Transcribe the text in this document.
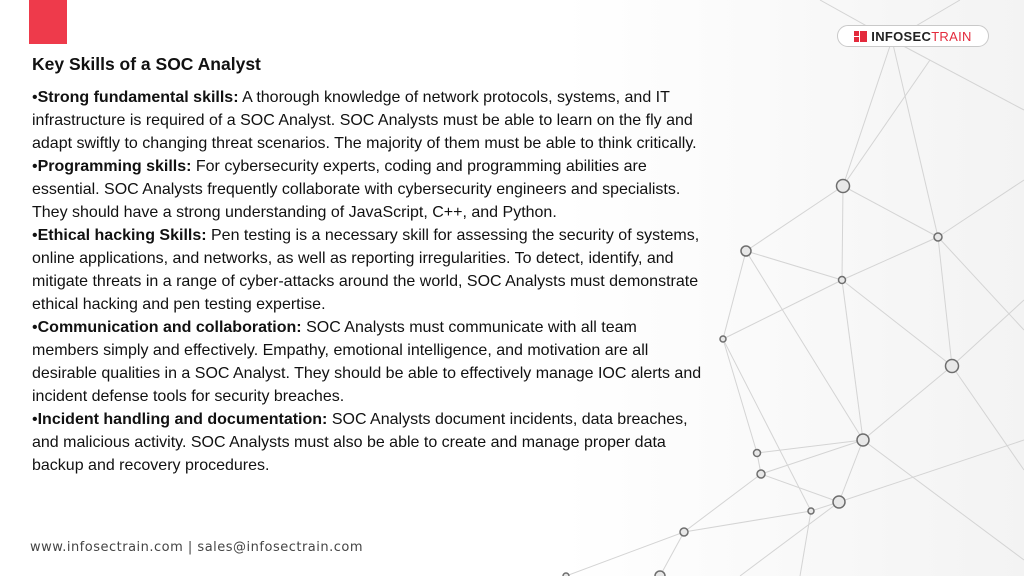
INFOSECTRAIN
Key Skills of a SOC Analyst

•Strong fundamental skills: A thorough knowledge of network protocols, systems, and IT infrastructure is required of a SOC Analyst. SOC Analysts must be able to learn on the fly and adapt swiftly to changing threat scenarios. The majority of them must be able to think critically.

•Programming skills: For cybersecurity experts, coding and programming abilities are essential. SOC Analysts frequently collaborate with cybersecurity engineers and specialists. They should have a strong understanding of JavaScript, C++, and Python.

•Ethical hacking Skills: Pen testing is a necessary skill for assessing the security of systems, online applications, and networks, as well as reporting irregularities. To detect, identify, and mitigate threats in a range of cyber-attacks around the world, SOC Analysts must demonstrate ethical hacking and pen testing expertise.

•Communication and collaboration: SOC Analysts must communicate with all team members simply and effectively. Empathy, emotional intelligence, and motivation are all desirable qualities in a SOC Analyst. They should be able to effectively manage IOC alerts and incident defense tools for security breaches.

•Incident handling and documentation: SOC Analysts document incidents, data breaches, and malicious activity. SOC Analysts must also be able to create and manage proper data backup and recovery procedures.

www.infosectrain.com | sales@infosectrain.com
